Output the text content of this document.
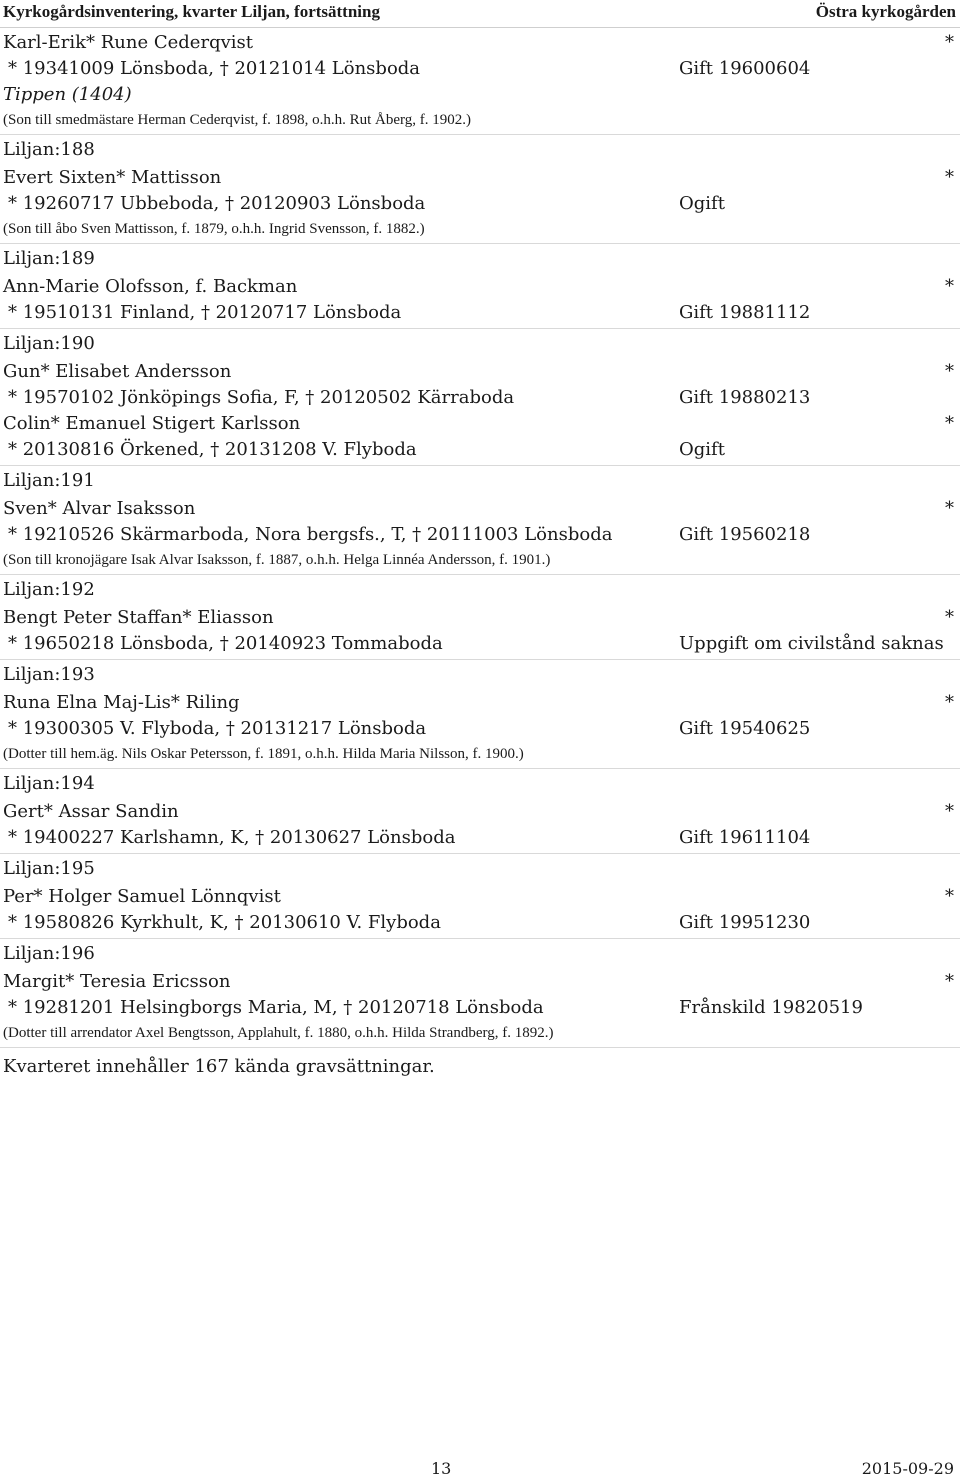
Kyrkogårdsinventering, kvarter Liljan, fortsättning	Östra kyrkogården
Karl-Erik* Rune Cederqvist	*
* 19341009 Lönsboda, † 20121014 Lönsboda	Gift 19600604
Tippen (1404)
(Son till smedmästare Herman Cederqvist, f. 1898, o.h.h. Rut Åberg, f. 1902.)
Liljan:188
Evert Sixten* Mattisson	*
* 19260717 Ubbeboda, † 20120903 Lönsboda	Ogift
(Son till åbo Sven Mattisson, f. 1879, o.h.h. Ingrid Svensson, f. 1882.)
Liljan:189
Ann-Marie Olofsson, f. Backman	*
* 19510131 Finland, † 20120717 Lönsboda	Gift 19881112
Liljan:190
Gun* Elisabet Andersson	*
* 19570102 Jönköpings Sofia, F, † 20120502 Kärraboda	Gift 19880213
Colin* Emanuel Stigert Karlsson	*
* 20130816 Örkened, † 20131208 V. Flyboda	Ogift
Liljan:191
Sven* Alvar Isaksson	*
* 19210526 Skärmarboda, Nora bergsfs., T, † 20111003 Lönsboda	Gift 19560218
(Son till kronojägare Isak Alvar Isaksson, f. 1887, o.h.h. Helga Linnéa Andersson, f. 1901.)
Liljan:192
Bengt Peter Staffan* Eliasson	*
* 19650218 Lönsboda, † 20140923 Tommaboda	Uppgift om civilstånd saknas
Liljan:193
Runa Elna Maj-Lis* Riling	*
* 19300305 V. Flyboda, † 20131217 Lönsboda	Gift 19540625
(Dotter till hem.äg. Nils Oskar Petersson, f. 1891, o.h.h. Hilda Maria Nilsson, f. 1900.)
Liljan:194
Gert* Assar Sandin	*
* 19400227 Karlshamn, K, † 20130627 Lönsboda	Gift 19611104
Liljan:195
Per* Holger Samuel Lönnqvist	*
* 19580826 Kyrkhult, K, † 20130610 V. Flyboda	Gift 19951230
Liljan:196
Margit* Teresia Ericsson	*
* 19281201 Helsingborgs Maria, M, † 20120718 Lönsboda	Frånskild 19820519
(Dotter till arrendator Axel Bengtsson, Applahult, f. 1880, o.h.h. Hilda Strandberg, f. 1892.)
Kvarteret innehåller 167 kända gravsättningar.
13	2015-09-29
